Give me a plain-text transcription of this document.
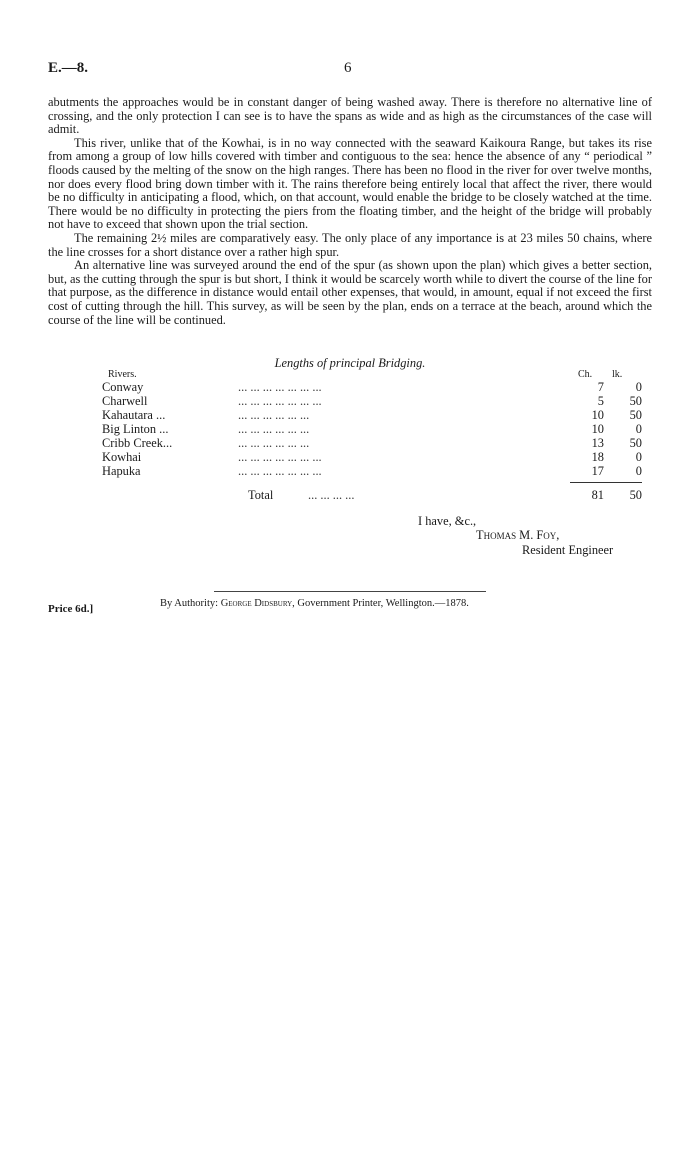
E.—8.	6

abutments the approaches would be in constant danger of being washed away. There is therefore no alternative line of crossing, and the only protection I can see is to have the spans as wide and as high as the circumstances of the case will admit.

This river, unlike that of the Kowhai, is in no way connected with the seaward Kaikoura Range, but takes its rise from among a group of low hills covered with timber and contiguous to the sea: hence the absence of any “ periodical ” floods caused by the melting of the snow on the high ranges. There has been no flood in the river for over twelve months, nor does every flood bring down timber with it. The rains therefore being entirely local that affect the river, there would be no difficulty in anticipating a flood, which, on that account, would enable the bridge to be closely watched at the time. There would be no difficulty in protecting the piers from the floating timber, and the height of the bridge will probably not have to exceed that shown upon the trial section.

The remaining 2½ miles are comparatively easy. The only place of any importance is at 23 miles 50 chains, where the line crosses for a short distance over a rather high spur.

An alternative line was surveyed around the end of the spur (as shown upon the plan) which gives a better section, but, as the cutting through the spur is but short, I think it would be scarcely worth while to divert the course of the line for that purpose, as the difference in distance would entail other expenses, that would, in amount, equal if not exceed the first cost of cutting through the hill. This survey, as will be seen by the plan, ends on a terrace at the beach, around which the course of the line will be continued.

Lengths of principal Bridging.
Rivers.	Ch. lk.
Conway	... ... ... ... ... ... ...	7	0
Charwell	... ... ... ... ... ... ...	5	50
Kahautara ...	... ... ... ... ... ...	10	50
Big Linton ...	... ... ... ... ... ...	10	0
Cribb Creek...	... ... ... ... ... ...	13	50
Kowhai	... ... ... ... ... ... ...	18	0
Hapuka	... ... ... ... ... ... ...	17	0
Total	... ... ... ...	81	50
I have, &c.,
Thomas M. Foy,
Resident Engineer
Price 6d.]	By Authority: George Didsbury, Government Printer, Wellington.—1878.
